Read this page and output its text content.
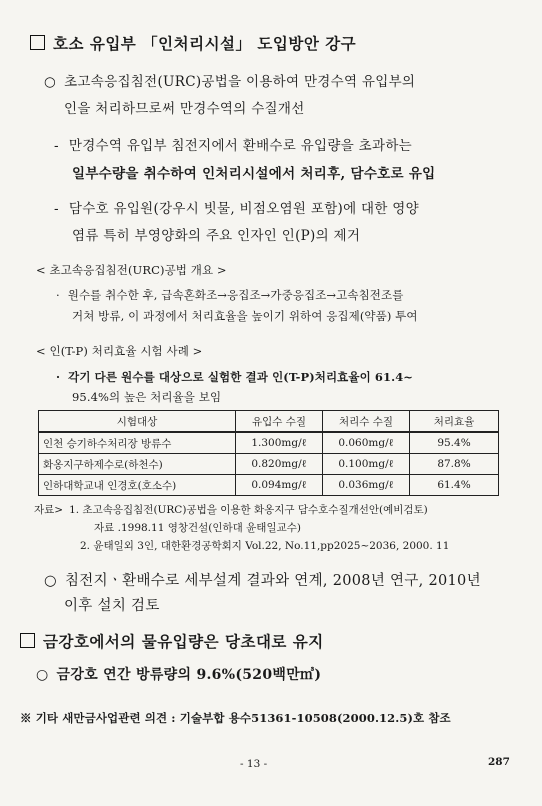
호소 유입부 「인처리시설」 도입방안 강구
○ 초고속응집침전(URC)공법을 이용하여 만경수역 유입부의
인을 처리하므로써 만경수역의 수질개선
- 만경수역 유입부 침전지에서 환배수로 유입량을 초과하는
일부수량을 취수하여 인처리시설에서 처리후, 담수호로 유입
- 담수호 유입원(강우시 빗물, 비점오염원 포함)에 대한 영양
염류 특히 부영양화의 주요 인자인 인(P)의 제거
< 초고속응집침전(URC)공법 개요 >
· 원수를 취수한 후, 급속혼화조→응집조→가중응집조→고속침전조를
거쳐 방류, 이 과정에서 처리효율을 높이기 위하여 응집제(약품) 투여
< 인(T-P) 처리효율 시험 사례 >
· 각기 다른 원수를 대상으로 실험한 결과 인(T-P)처리효율이 61.4~
95.4%의 높은 처리율을 보임
시험대상	유입수 수질	처리수 수질	처리효율
인천 승기하수처리장 방류수	1.300mg/ℓ	0.060mg/ℓ	95.4%
화옹지구하제수로(하천수)	0.820mg/ℓ	0.100mg/ℓ	87.8%
인하대학교내 인경호(호소수)	0.094mg/ℓ	0.036mg/ℓ	61.4%
자료> 1. 초고속응집침전(URC)공법을 이용한 화옹지구 담수호수질개선안(예비검토)
자료 .1998.11 영창건설(인하대 윤태일교수)
2. 윤태일외 3인, 대한환경공학회지 Vol.22, No.11,pp2025~2036, 2000. 11
○ 침전지ㆍ환배수로 세부설계 결과와 연계, 2008년 연구, 2010년
이후 설치 검토
금강호에서의 물유입량은 당초대로 유지
○ 금강호 연간 방류량의 9.6%(520백만㎥)
※ 기타 새만금사업관련 의견 : 기술부합 용수51361-10508(2000.12.5)호 참조
- 13 -	287
